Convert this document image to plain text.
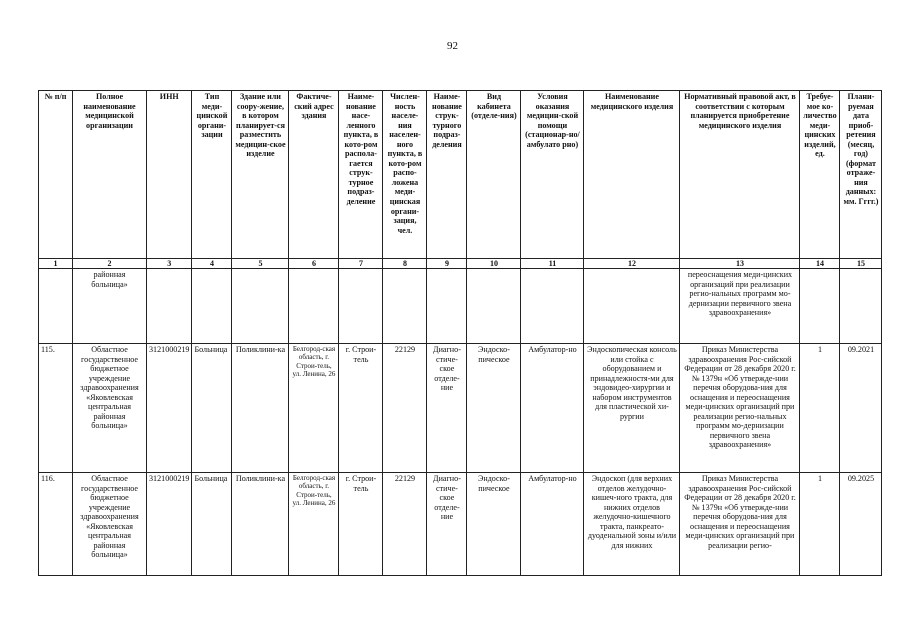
92
№ п/п	Полное наименование медицинской организации	ИНН	Тип меди-цинской органи-зации	Здание или соору-жение, в котором планирует-ся разместить медицин-ское изделие	Фактиче-ский адрес здания	Наиме-нование насе-ленного пункта, в кото-ром распола-гается струк-турное подраз-деление	Числен-ность населе-ния населен-ного пункта, в кото-ром распо-ложена меди-цинская органи-зация, чел.	Наиме-нование струк-турного подраз-деления	Вид кабинета (отделе-ния)	Условия оказания медицин-ской помощи (стационар-но/амбулато рно)	Наименование медицинского изделия	Нормативный правовой акт, в соответствии с которым планируется приобретение медицинского изделия	Требуе-мое ко-личество меди-цинских изделий, ед.	Плани-руемая дата приоб-ретения (месяц, год) (формат отраже-ния данных: мм. Гггг.)
1	2	3	4	5	6	7	8	9	10	11	12	13	14	15
	районная больница»											переоснащения меди-цинских организаций при реализации регио-нальных программ мо-дернизации первичного звена здравоохранения»		
115.	Областное государственное бюджетное учреждение здравоохранения «Яковлевская центральная районная больница»	3121000219	Больница	Поликлини-ка	Белгород-ская область, г. Строи-тель, ул. Ленина, 26	г. Строи-тель	22129	Диагно-стиче-ское отделе-ние	Эндоско-пическое	Амбулатор-но	Эндоскопическая консоль или стойка с оборудованием и принадлежностя-ми для эндовидео-хирургии и набором инструментов для пластической хи-рургии	Приказ Министерства здравоохранения Рос-сийской Федерации от 28 декабря 2020 г. № 1379н «Об утвержде-нии перечня оборудова-ния для оснащения и переоснащения меди-цинских организаций при реализации регио-нальных программ мо-дернизации первичного звена здравоохранения»	1	09.2021
116.	Областное государственное бюджетное учреждение здравоохранения «Яковлевская центральная районная больница»	3121000219	Больница	Поликлини-ка	Белгород-ская область, г. Строи-тель, ул. Ленина, 26	г. Строи-тель	22129	Диагно-стиче-ское отделе-ние	Эндоско-пическое	Амбулатор-но	Эндоскоп (для верхних отделов желудочно- кишеч-ного тракта, для нижних отделов желудочно-кишечного тракта, панкреато-дуоденальной зоны и/или для нижних	Приказ Министерства здравоохранения Рос-сийской Федерации от 28 декабря 2020 г. № 1379н «Об утвержде-нии перечня оборудова-ния для оснащения и переоснащения меди-цинских организаций при реализации регио-	1	09.2025
